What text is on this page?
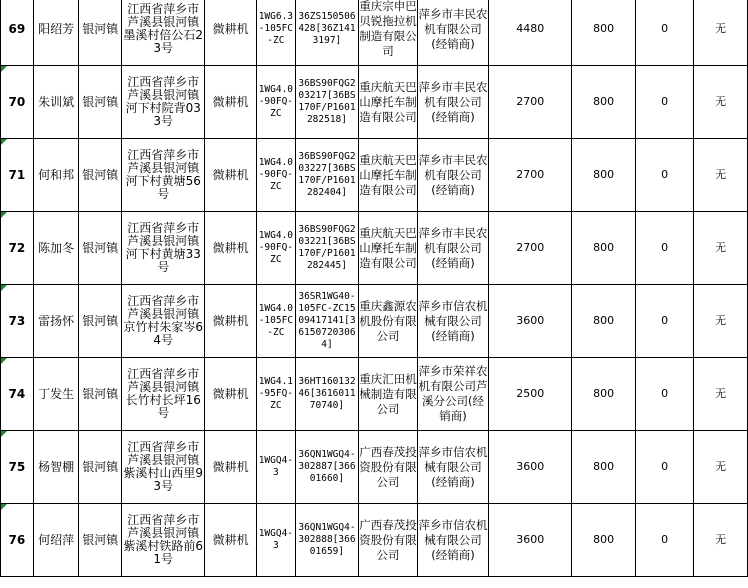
69	阳绍芳	银河镇	江西省萍乡市芦溪县银河镇墨溪村倍公石23号	微耕机	1WG6.3-105FC-ZC	36ZS150506428[36Z1413197]	重庆宗申巴贝锐拖拉机制造有限公司	萍乡市丰民农机有限公司(经销商)	4480	800	0	无
70	朱训斌	银河镇	江西省萍乡市芦溪县银河镇河下村院背033号	微耕机	1WG4.0-90FQ-ZC	36BS90FQG203217[36BS170F/P1601282518]	重庆航天巴山摩托车制造有限公司	萍乡市丰民农机有限公司(经销商)	2700	800	0	无
71	何和邦	银河镇	江西省萍乡市芦溪县银河镇河下村黄塘56号	微耕机	1WG4.0-90FQ-ZC	36BS90FQG203227[36BS170F/P1601282404]	重庆航天巴山摩托车制造有限公司	萍乡市丰民农机有限公司(经销商)	2700	800	0	无
72	陈加冬	银河镇	江西省萍乡市芦溪县银河镇河下村黄塘33号	微耕机	1WG4.0-90FQ-ZC	36BS90FQG203221[36BS170F/P1601282445]	重庆航天巴山摩托车制造有限公司	萍乡市丰民农机有限公司(经销商)	2700	800	0	无
73	雷扬怀	银河镇	江西省萍乡市芦溪县银河镇京竹村朱家岑64号	微耕机	1WG4.0-105FC-ZC	36SR1WG40-105FC-ZC1509417141[361507203064]	重庆鑫源农机股份有限公司	萍乡市信农机械有限公司(经销商)	3600	800	0	无
74	丁发生	银河镇	江西省萍乡市芦溪县银河镇长竹村长坪16号	微耕机	1WG4.1-95FQ-ZC	36HT16013246[361601170740]	重庆汇田机械制造有限公司	萍乡市荣祥农机有限公司芦溪分公司(经销商)	2500	800	0	无
75	杨智棚	银河镇	江西省萍乡市芦溪县银河镇紫溪村山西里93号	微耕机	1WGQ4-3	36QN1WGQ4-302887[36601660]	广西春茂投资股份有限公司	萍乡市信农机械有限公司(经销商)	3600	800	0	无
76	何绍萍	银河镇	江西省萍乡市芦溪县银河镇紫溪村铁路前61号	微耕机	1WGQ4-3	36QN1WGQ4-302888[36601659]	广西春茂投资股份有限公司	萍乡市信农机械有限公司(经销商)	3600	800	0	无
